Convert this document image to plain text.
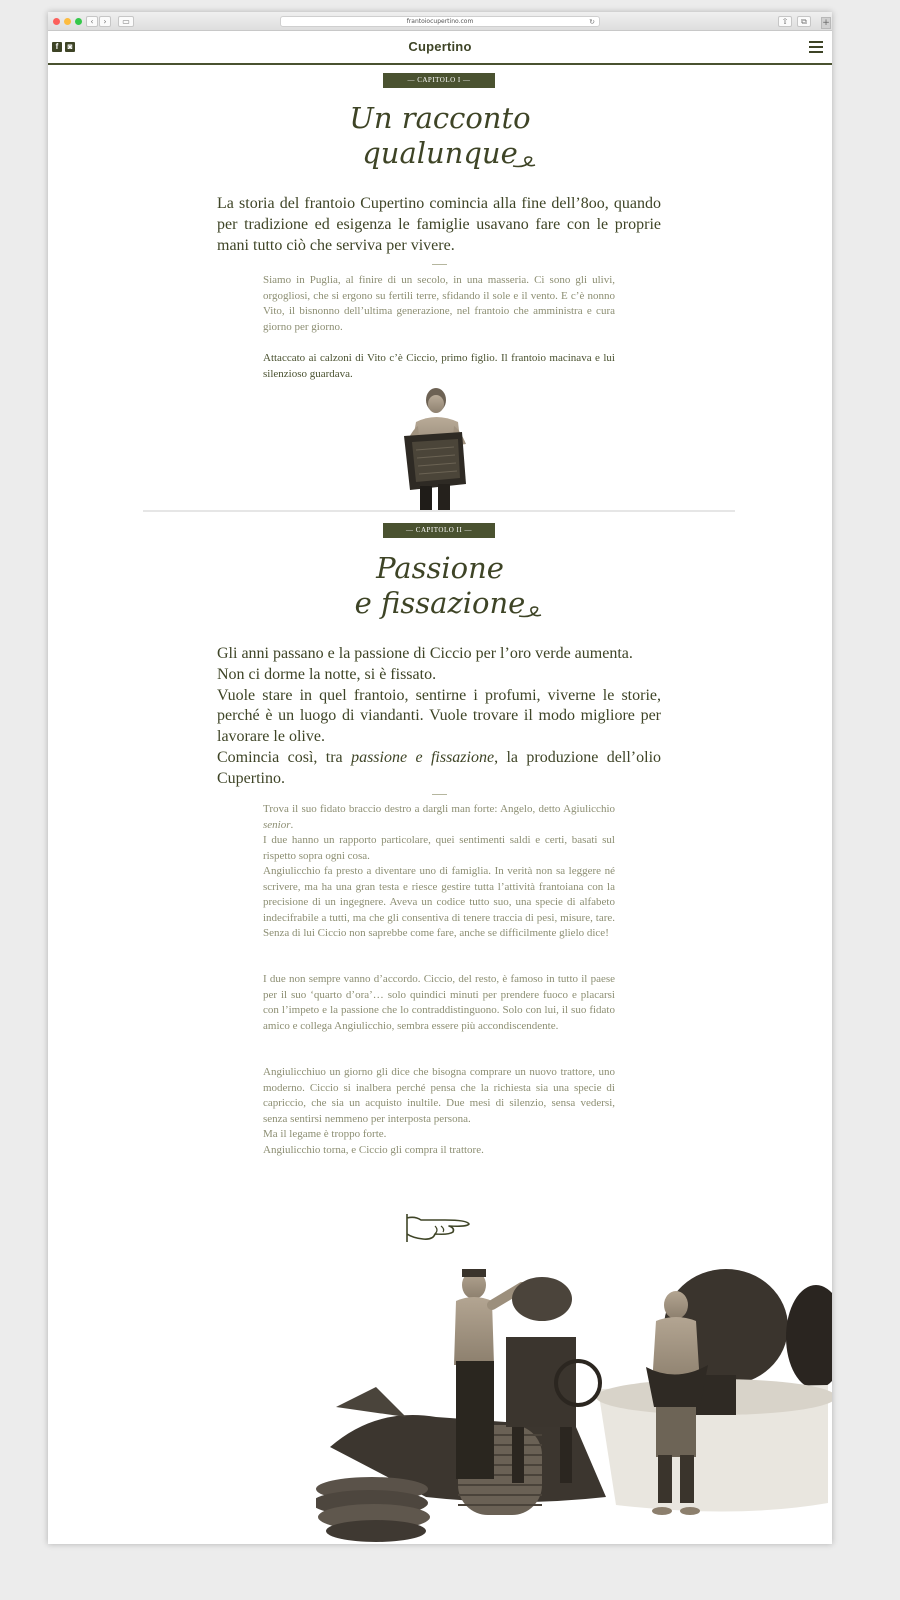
‹	›	▭	frantoiocupertino.com	↻	⇧	⧉	+
f	◙	Cupertino
— CAPITOLO I —
Un racconto
qualunque
La storia del frantoio Cupertino comincia alla fine dell’8oo, quando per tradizione ed esigenza le famiglie usavano fare con le proprie mani tutto ciò che serviva per vivere.
Siamo in Puglia, al finire di un secolo, in una masseria. Ci sono gli ulivi, orgogliosi, che si ergono su fertili terre, sfidando il sole e il vento. E c’è nonno Vito, il bisnonno dell’ultima generazione, nel frantoio che amministra e cura giorno per giorno.
Attaccato ai calzoni di Vito c’è Ciccio, primo figlio. Il frantoio macinava e lui silenzioso guardava.
— CAPITOLO II —
Passione
e fissazione
Gli anni passano e la passione di Ciccio per l’oro verde aumenta.
Non ci dorme la notte, si è fissato.
Vuole stare in quel frantoio, sentirne i profumi, viverne le storie, perché è un luogo di viandanti. Vuole trovare il modo migliore per lavorare le olive.
Comincia così, tra passione e fissazione, la produzione dell’olio Cupertino.

Trova il suo fidato braccio destro a dargli man forte: Angelo, detto Agiulicchio senior.

I due hanno un rapporto particolare, quei sentimenti saldi e certi, basati sul rispetto sopra ogni cosa.

Angiulicchio fa presto a diventare uno di famiglia. In verità non sa leggere né scrivere, ma ha una gran testa e riesce gestire tutta l’attività frantoiana con la precisione di un ingegnere. Aveva un codice tutto suo, una specie di alfabeto indecifrabile a tutti, ma che gli consentiva di tenere traccia di pesi, misure, tare. Senza di lui Ciccio non saprebbe come fare, anche se difficilmente glielo dice!

I due non sempre vanno d’accordo. Ciccio, del resto, è famoso in tutto il paese per il suo ‘quarto d’ora’… solo quindici minuti per prendere fuoco e placarsi con l’impeto e la passione che lo contraddistinguono. Solo con lui, il suo fidato amico e collega Angiulicchio, sembra essere più accondiscendente.

Angiulicchiuo un giorno gli dice che bisogna comprare un nuovo trattore, uno moderno. Ciccio si inalbera perché pensa che la richiesta sia una specie di capriccio, che sia un acquisto inultile. Due mesi di silenzio, sensa vedersi, senza sentirsi nemmeno per interposta persona.

Ma il legame è troppo forte.

Angiulicchio torna, e Ciccio gli compra il trattore.
